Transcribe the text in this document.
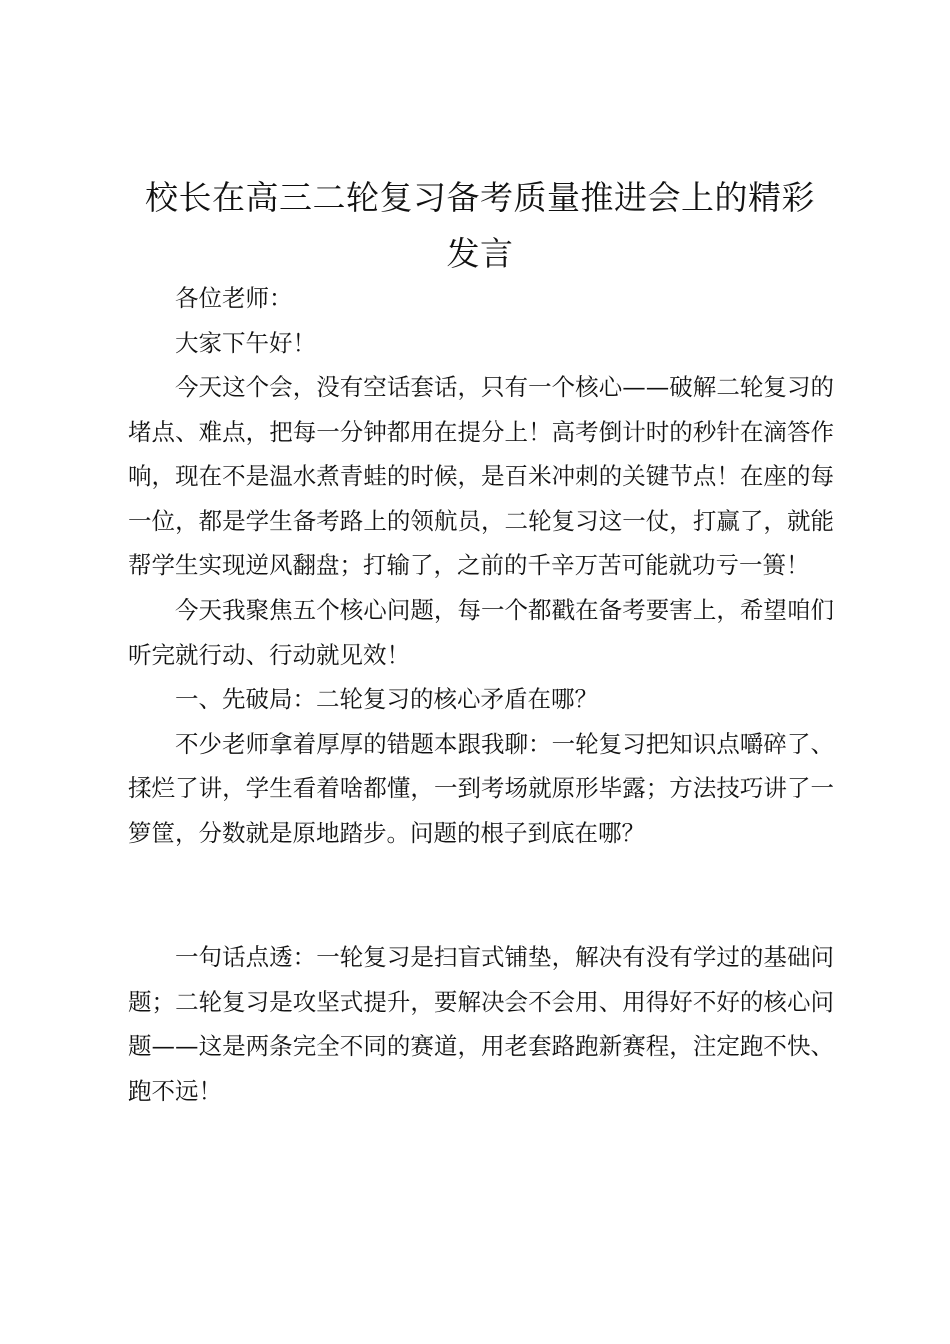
校长在高三二轮复习备考质量推进会上的精彩
发言

各位老师：

大家下午好！

今天这个会，没有空话套话，只有一个核心——破解二轮复习的堵点、难点，把每一分钟都用在提分上！高考倒计时的秒针在滴答作响，现在不是温水煮青蛙的时候，是百米冲刺的关键节点！在座的每一位，都是学生备考路上的领航员，二轮复习这一仗，打赢了，就能帮学生实现逆风翻盘；打输了，之前的千辛万苦可能就功亏一篑！

今天我聚焦五个核心问题，每一个都戳在备考要害上，希望咱们听完就行动、行动就见效！

一、先破局：二轮复习的核心矛盾在哪？

不少老师拿着厚厚的错题本跟我聊：一轮复习把知识点嚼碎了、揉烂了讲，学生看着啥都懂，一到考场就原形毕露；方法技巧讲了一箩筐，分数就是原地踏步。问题的根子到底在哪？

一句话点透：一轮复习是扫盲式铺垫，解决有没有学过的基础问题；二轮复习是攻坚式提升，要解决会不会用、用得好不好的核心问题——这是两条完全不同的赛道，用老套路跑新赛程，注定跑不快、跑不远！
